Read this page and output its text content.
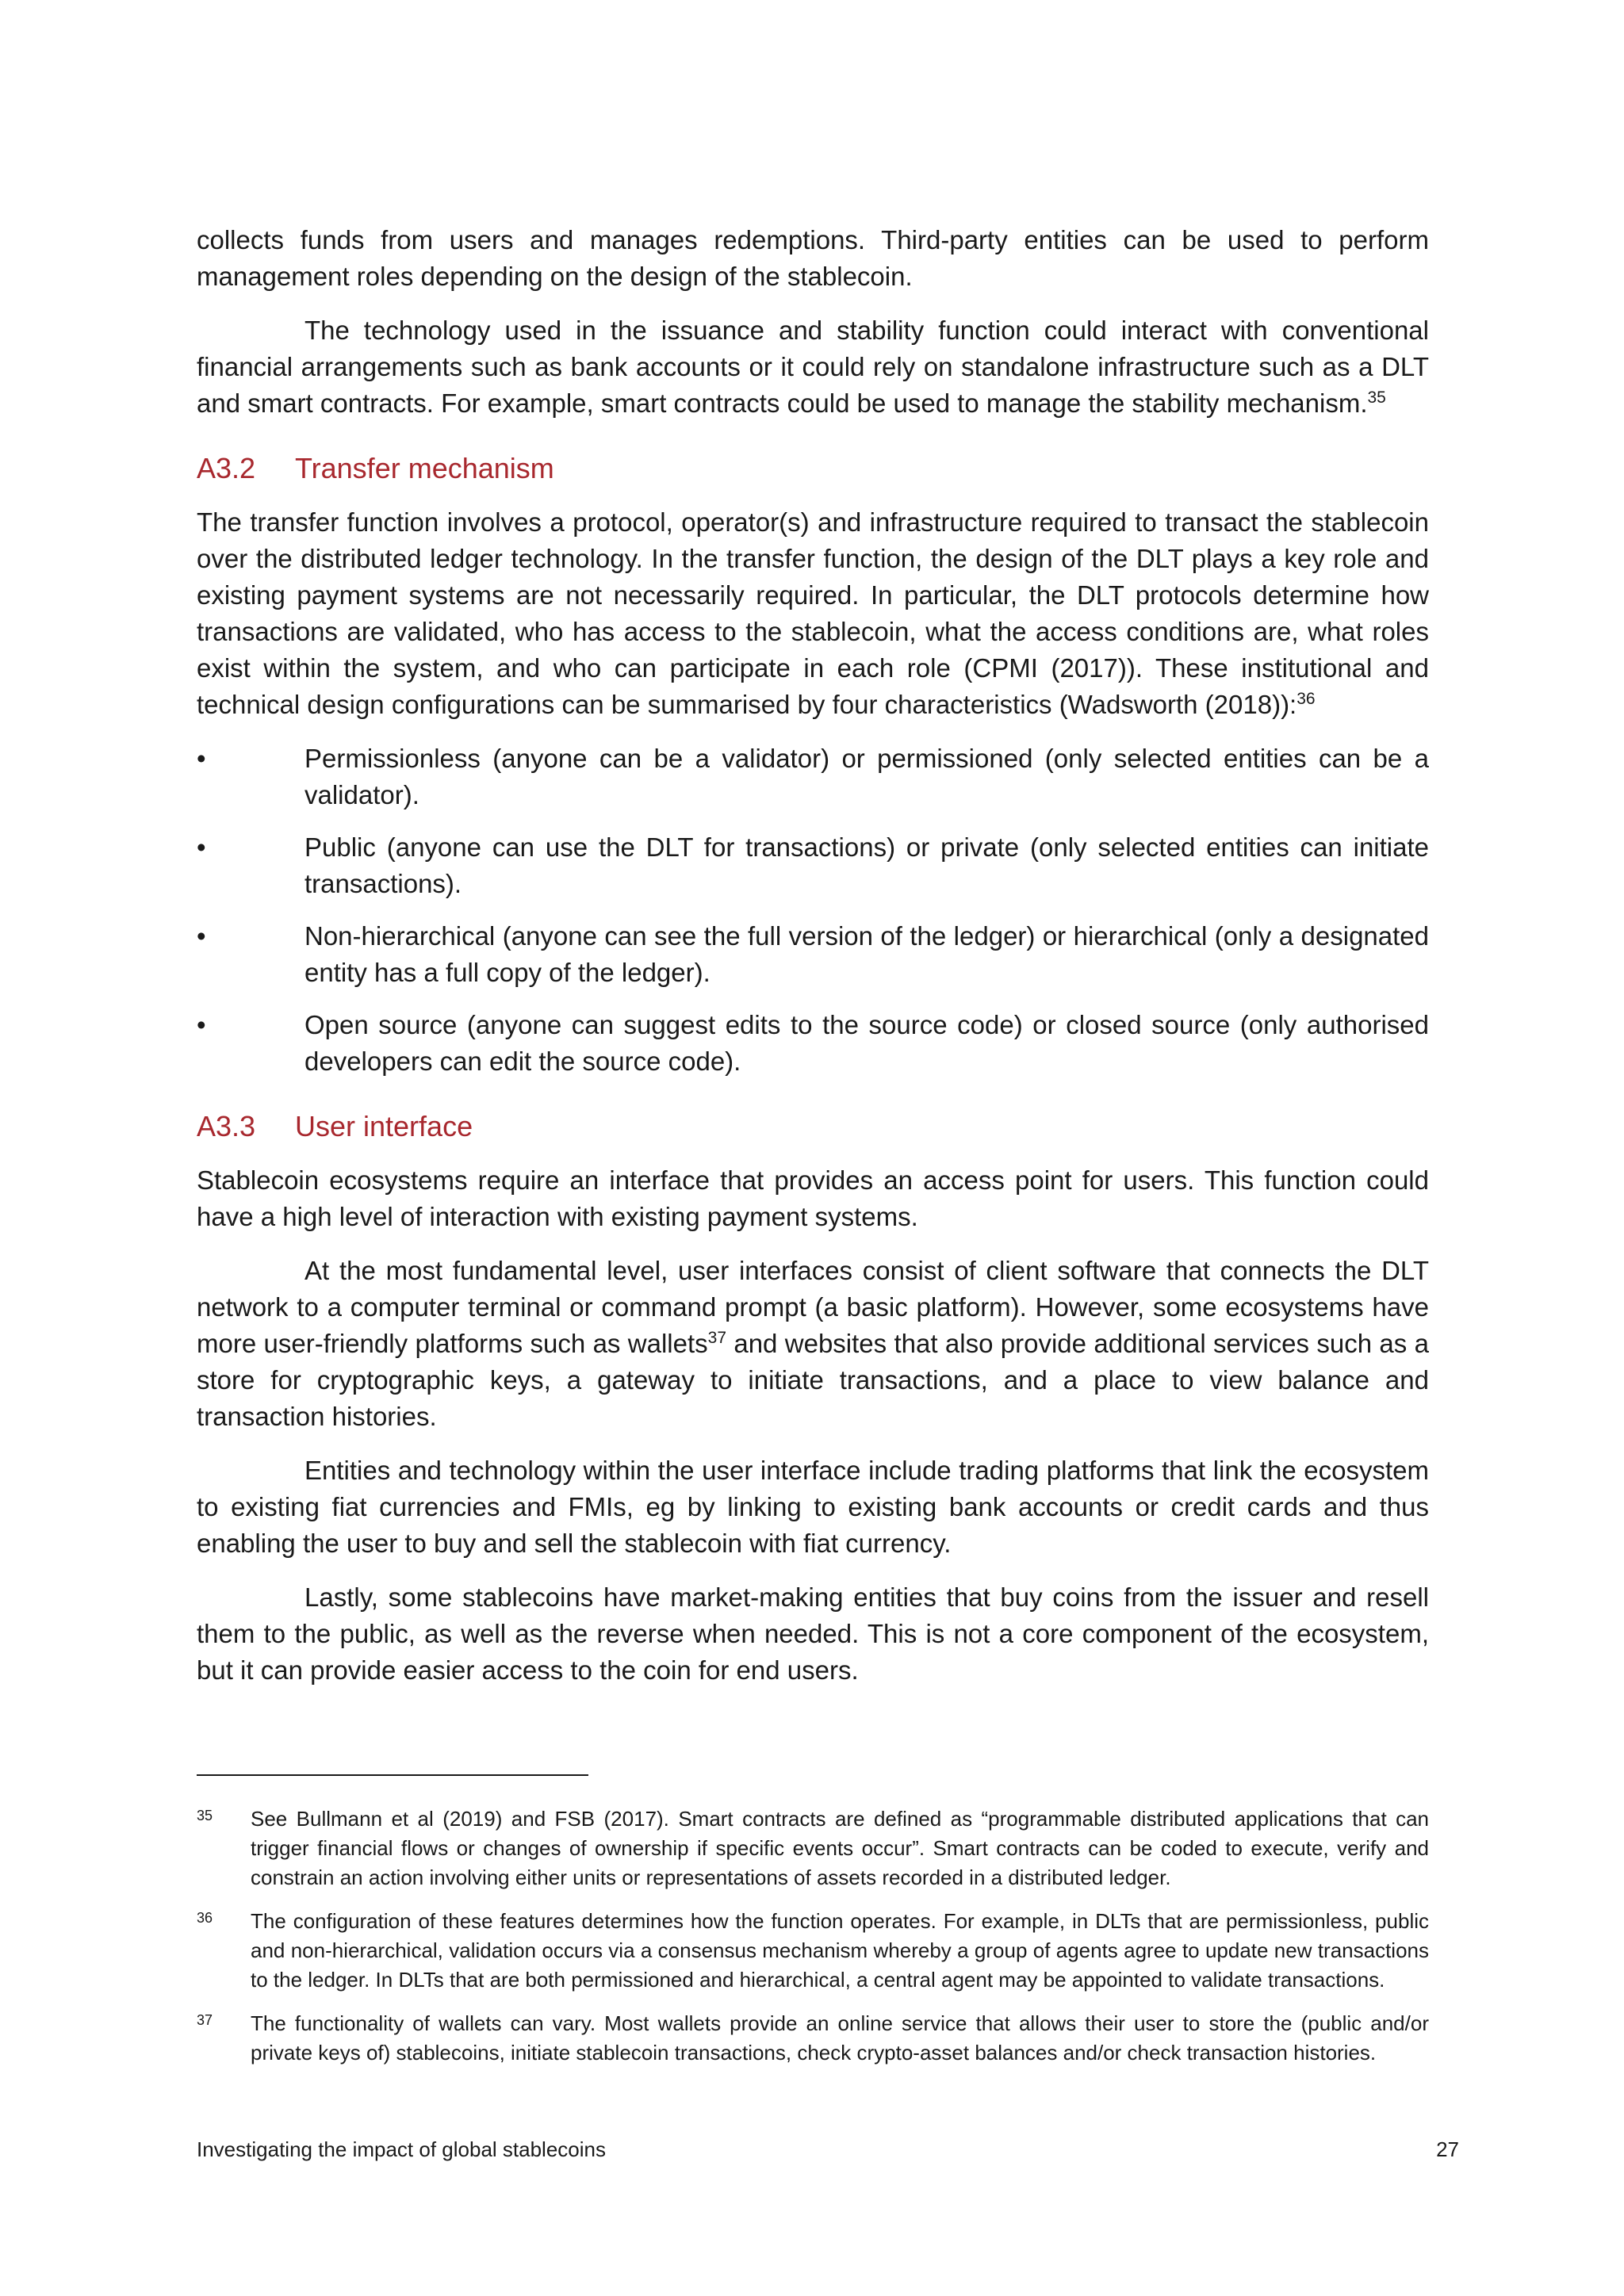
collects funds from users and manages redemptions. Third-party entities can be used to perform management roles depending on the design of the stablecoin.

The technology used in the issuance and stability function could interact with conventional financial arrangements such as bank accounts or it could rely on standalone infrastructure such as a DLT and smart contracts. For example, smart contracts could be used to manage the stability mechanism.$^{35}$

A3.2 Transfer mechanism

The transfer function involves a protocol, operator(s) and infrastructure required to transact the stablecoin over the distributed ledger technology. In the transfer function, the design of the DLT plays a key role and existing payment systems are not necessarily required. In particular, the DLT protocols determine how transactions are validated, who has access to the stablecoin, what the access conditions are, what roles exist within the system, and who can participate in each role (CPMI (2017)). These institutional and technical design configurations can be summarised by four characteristics (Wadsworth (2018)):$^{36}$

•	Permissionless (anyone can be a validator) or permissioned (only selected entities can be a validator).
•	Public (anyone can use the DLT for transactions) or private (only selected entities can initiate transactions).
•	Non-hierarchical (anyone can see the full version of the ledger) or hierarchical (only a designated entity has a full copy of the ledger).
•	Open source (anyone can suggest edits to the source code) or closed source (only authorised developers can edit the source code).
A3.3 User interface

Stablecoin ecosystems require an interface that provides an access point for users. This function could have a high level of interaction with existing payment systems.

At the most fundamental level, user interfaces consist of client software that connects the DLT network to a computer terminal or command prompt (a basic platform). However, some ecosystems have more user-friendly platforms such as wallets$^{37}$ and websites that also provide additional services such as a store for cryptographic keys, a gateway to initiate transactions, and a place to view balance and transaction histories.

Entities and technology within the user interface include trading platforms that link the ecosystem to existing fiat currencies and FMIs, eg by linking to existing bank accounts or credit cards and thus enabling the user to buy and sell the stablecoin with fiat currency.

Lastly, some stablecoins have market-making entities that buy coins from the issuer and resell them to the public, as well as the reverse when needed. This is not a core component of the ecosystem, but it can provide easier access to the coin for end users.

35 See Bullmann et al (2019) and FSB (2017). Smart contracts are defined as “programmable distributed applications that can trigger financial flows or changes of ownership if specific events occur”. Smart contracts can be coded to execute, verify and constrain an action involving either units or representations of assets recorded in a distributed ledger.
36 The configuration of these features determines how the function operates. For example, in DLTs that are permissionless, public and non-hierarchical, validation occurs via a consensus mechanism whereby a group of agents agree to update new transactions to the ledger. In DLTs that are both permissioned and hierarchical, a central agent may be appointed to validate transactions.
37 The functionality of wallets can vary. Most wallets provide an online service that allows their user to store the (public and/or private keys of) stablecoins, initiate stablecoin transactions, check crypto-asset balances and/or check transaction histories.
Investigating the impact of global stablecoins	27
